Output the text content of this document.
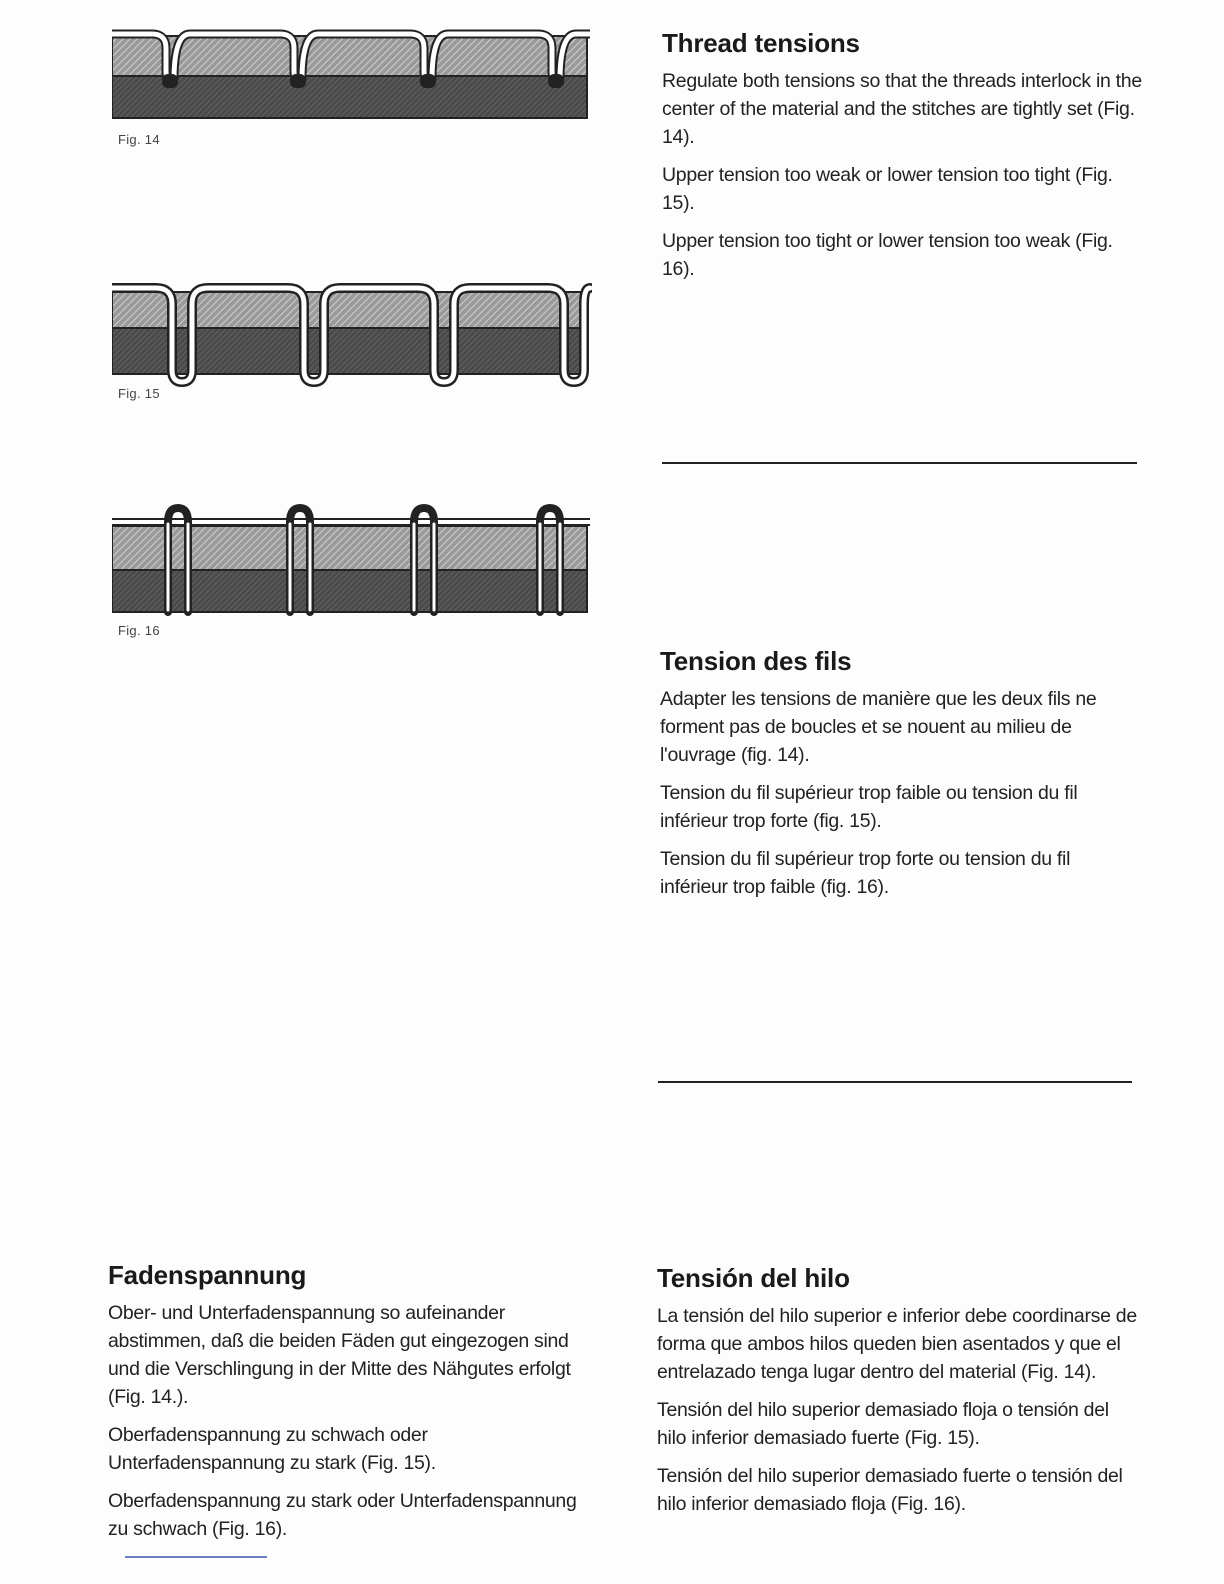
Fig. 14
Fig. 15
Fig. 16
Thread tensions

Regulate both tensions so that the threads interlock in the center of the material and the stitches are tightly set (Fig. 14).

Upper tension too weak or lower tension too tight (Fig. 15).

Upper tension too tight or lower tension too weak (Fig. 16).

Tension des fils

Adapter les tensions de manière que les deux fils ne forment pas de boucles et se nouent au milieu de l'ouvrage (fig. 14).

Tension du fil supérieur trop faible ou tension du fil inférieur trop forte (fig. 15).

Tension du fil supérieur trop forte ou tension du fil inférieur trop faible (fig. 16).

Fadenspannung

Ober- und Unterfadenspannung so aufeinander abstimmen, daß die beiden Fäden gut eingezogen sind und die Verschlingung in der Mitte des Nähgutes erfolgt (Fig. 14.).

Oberfadenspannung zu schwach oder Unterfadenspannung zu stark (Fig. 15).

Oberfadenspannung zu stark oder Unterfadenspannung zu schwach (Fig. 16).

Tensión del hilo

La tensión del hilo superior e inferior debe coordinarse de forma que ambos hilos queden bien asentados y que el entrelazado tenga lugar dentro del material (Fig. 14).

Tensión del hilo superior demasiado floja o tensión del hilo inferior demasiado fuerte (Fig. 15).

Tensión del hilo superior demasiado fuerte o tensión del hilo inferior demasiado floja (Fig. 16).
